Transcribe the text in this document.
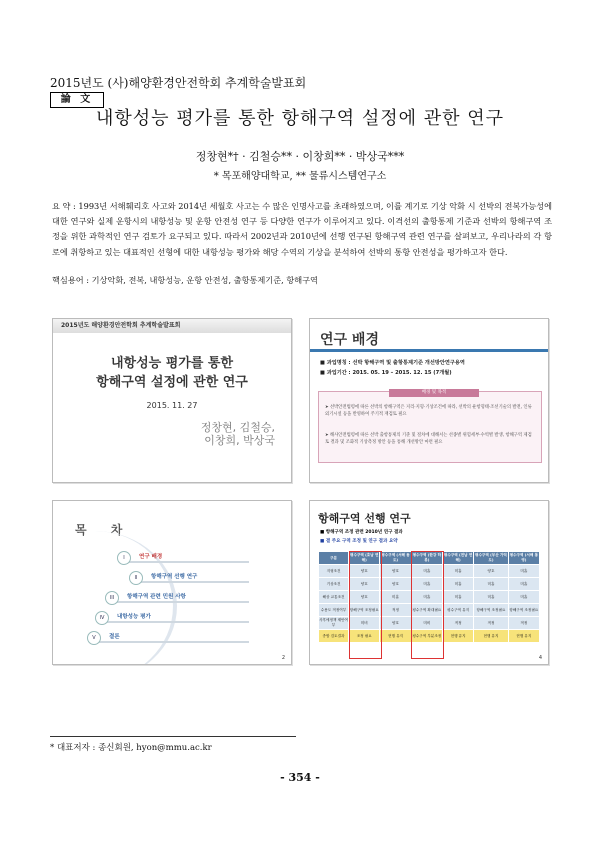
2015년도 (사)해양환경안전학회 추계학술발표회
論 文
내항성능 평가를 통한 항해구역 설정에 관한 연구
정창현*† · 김철승** · 이창희** · 박상국***
* 목포해양대학교, ** 물류시스템연구소
요 약 : 1993년 서해훼리호 사고와 2014년 세월호 사고는 수 많은 인명사고를 초래하였으며, 이를 계기로 기상 악화 시 선박의 전복가능성에 대한 연구와 실제 운항시의 내항성능 및 운항 안전성 연구 등 다양한 연구가 이루어지고 있다. 이격선의 출항통제 기준과 선박의 항해구역 조정을 위한 과학적인 연구 검토가 요구되고 있다. 따라서 2002년과 2010년에 선행 연구된 항해구역 관련 연구를 살펴보고, 우리나라의 각 항로에 취항하고 있는 대표적인 선형에 대한 내항성능 평가와 해당 수역의 기상을 분석하여 선박의 통항 안전성을 평가하고자 한다.
핵심용어 : 기상악화, 전복, 내항성능, 운항 안전성, 출항통제기준, 항해구역
2015년도 해양환경안전학회 추계학술발표회
내항성능 평가를 통한
항해구역 설정에 관한 연구
2015. 11. 27
정창현, 김철승,
이창희, 박상국
연구 배경
■ 과업명칭 : 선박 항해구역 및 출항통제기준 개선방안연구용역
■ 과업기간 : 2015. 05. 19 – 2015. 12. 15 (7개월)
배경 및 목적
➤ 선박안전법령에 따른 선박의 항해구역은 지리·지형·기상조건에 따라, 선박의 운항형태·조선기술의 발전, 인류 외기시설 등을 반영하여 주기적 재검토 필요
➤ 해사안전법령에 따른 선박 출항통제의 기준 및 절차에 대해서는 선종별 위험세부·수역별 발생, 항해구역 제검토 결과 및 조화적 기상측정 방안 등을 통해 개선방안 마련 필요
목 차
I	연구 배경
II	항해구역 선행 연구
III	항해구역 관련 민원 사항
IV	내항성능 평가
V	결론
2
항해구역 선행 연구
■ 항해구역 조정 관련 2010년 연구 결과
■ 결 주요 구역 조정 및 연구 결과 요약
구분	평수구역 (호남 연해)	평수구역 (서해 동도)	평수구역 (한강 하류)	평수구역 (전남 연해)	평수구역 (부산 가덕도)	평수구역 (서해 통영)
지형조건	양호	양호	미흡	미흡	양호	미흡
기상조건	양호	양호	미흡	미흡	미흡	미흡
해상 교통조건	양호	미흡	미흡	미흡	미흡	미흡
수용도 적정여부	항해구역 조정필요	적정	평수구역 확대필요	평수구역 유지	항해구역 조정필요	항해구역 조정필요
사후에정책 제안여부	미비	양호	미비	적정	적정	적정
종합 검토결과	조정 필요	현행 유지	평수구역 부분조정	현행 유지	현행 유지	현행 유지
4
* 대표저자 : 종신회원, hyon@mmu.ac.kr
- 354 -
